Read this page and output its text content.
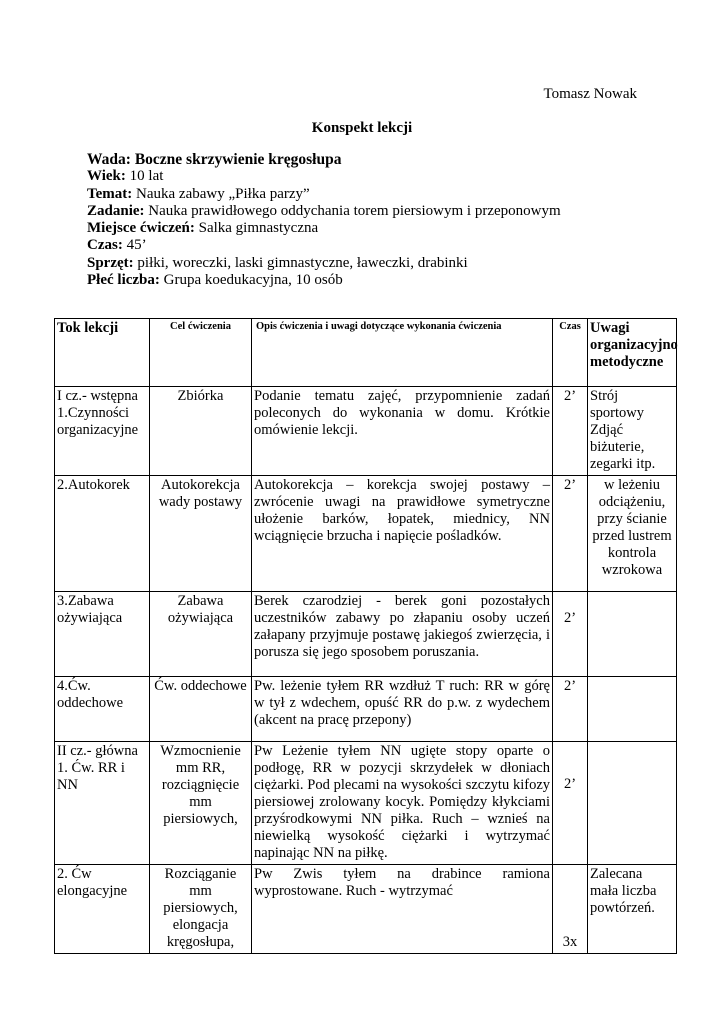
Tomasz Nowak
Konspekt lekcji
Wada: Boczne skrzywienie kręgosłupa
Wiek: 10 lat
Temat: Nauka zabawy „Piłka parzy”
Zadanie: Nauka prawidłowego oddychania torem piersiowym i przeponowym
Miejsce ćwiczeń: Salka gimnastyczna
Czas: 45’
Sprzęt: piłki, woreczki, laski gimnastyczne, ławeczki, drabinki
Płeć liczba: Grupa koedukacyjna, 10 osób
Tok lekcji	Cel ćwiczenia	Opis ćwiczenia i uwagi dotyczące wykonania ćwiczenia	Czas	Uwagi organizacyjno metodyczne
I cz.- wstępna 1.Czynności organizacyjne	Zbiórka	Podanie tematu zajęć, przypomnienie zadań poleconych do wykonania w domu. Krótkie omówienie lekcji.	2’	Strój sportowy Zdjąć biżuterie, zegarki itp.
2.Autokorek	Autokorekcja wady postawy	Autokorekcja – korekcja swojej postawy – zwrócenie uwagi na prawidłowe symetryczne ułożenie barków, łopatek, miednicy, NN wciągnięcie brzucha i napięcie pośladków.	2’	w leżeniu odciążeniu, przy ścianie przed lustrem kontrola wzrokowa
3.Zabawa ożywiająca	Zabawa ożywiająca	Berek czarodziej - berek goni pozostałych uczestników zabawy po złapaniu osoby uczeń załapany przyjmuje postawę jakiegoś zwierzęcia, i porusza się jego sposobem poruszania.	2’	
4.Ćw. oddechowe	Ćw. oddechowe	Pw. leżenie tyłem RR wzdłuż T ruch: RR w górę w tył z wdechem, opuść RR do p.w. z wydechem (akcent na pracę przepony)	2’	
II cz.- główna 1. Ćw. RR i NN	Wzmocnienie mm RR, rozciągnięcie mm piersiowych,	Pw Leżenie tyłem NN ugięte stopy oparte o podłogę, RR w pozycji skrzydełek w dłoniach ciężarki. Pod plecami na wysokości szczytu kifozy piersiowej zrolowany kocyk. Pomiędzy kłykciami przyśrodkowymi NN piłka. Ruch – wznieś na niewielką wysokość ciężarki i wytrzymać napinając NN na piłkę.	2’	
2. Ćw elongacyjne	Rozciąganie mm piersiowych, elongacja kręgosłupa,	Pw Zwis tyłem na drabince ramiona wyprostowane. Ruch - wytrzymać	3x	Zalecana mała liczba powtórzeń.
